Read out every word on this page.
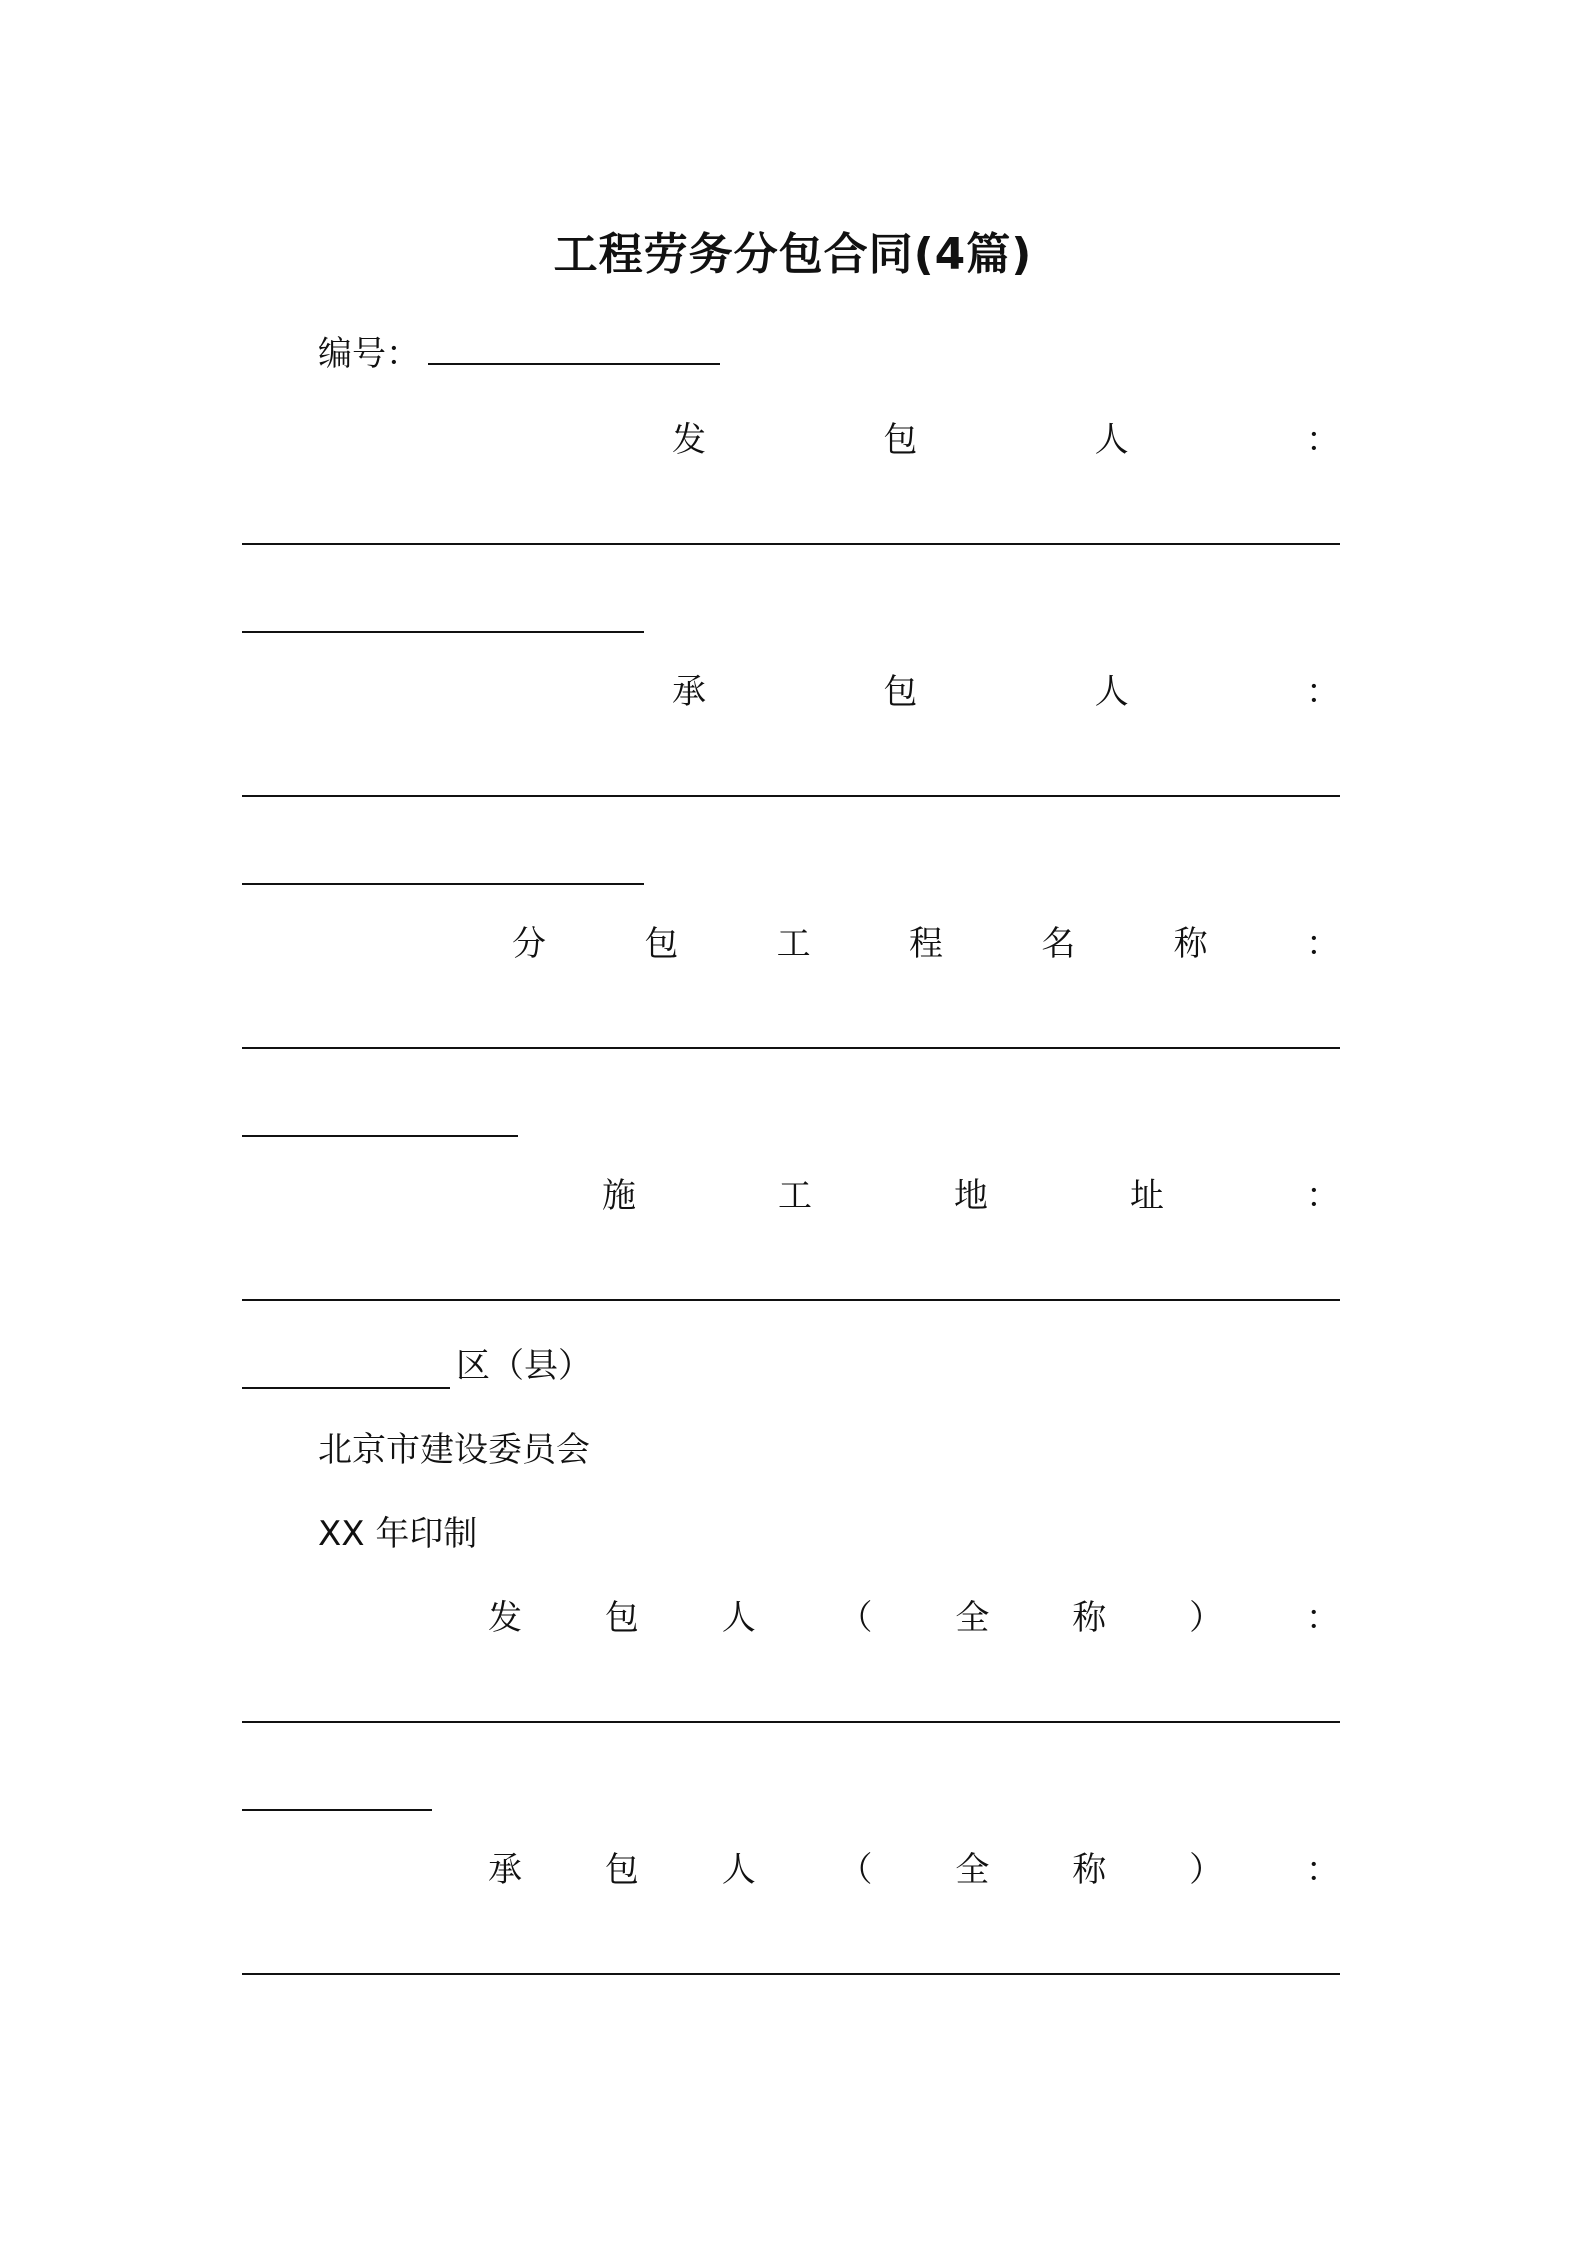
工程劳务分包合同(4篇)
编号：
发	包	人	：
承	包	人	：
分	包	工	程	名	称	：
施	工	地	址	：
区（县）
北京市建设委员会
XX 年印制
发 包 人 （ 全 称 ） ：
承 包 人 （ 全 称 ） ：
